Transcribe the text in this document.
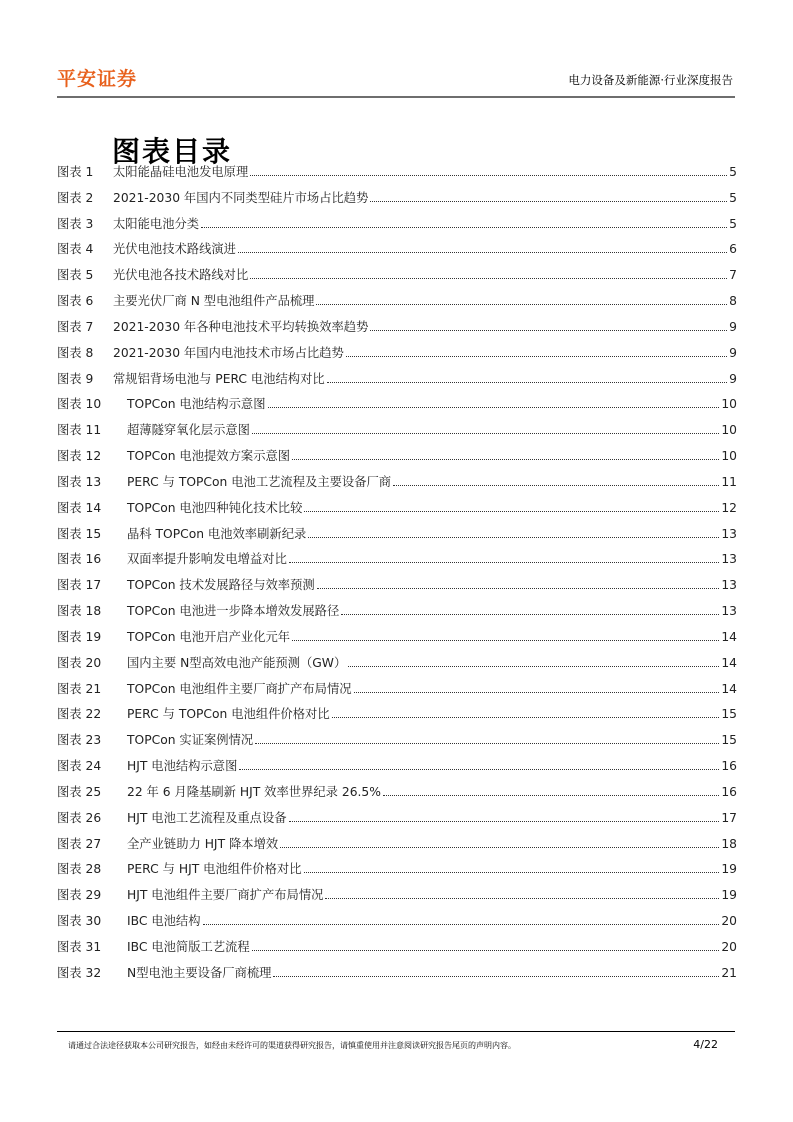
平安证券	电力设备及新能源·行业深度报告
图表目录
图表 1	太阳能晶硅电池发电原理	5
图表 2	2021-2030 年国内不同类型硅片市场占比趋势	5
图表 3	太阳能电池分类	5
图表 4	光伏电池技术路线演进	6
图表 5	光伏电池各技术路线对比	7
图表 6	主要光伏厂商 N 型电池组件产品梳理	8
图表 7	2021-2030 年各种电池技术平均转换效率趋势	9
图表 8	2021-2030 年国内电池技术市场占比趋势	9
图表 9	常规铝背场电池与 PERC 电池结构对比	9
图表 10	TOPCon 电池结构示意图	10
图表 11	超薄隧穿氧化层示意图	10
图表 12	TOPCon 电池提效方案示意图	10
图表 13	PERC 与 TOPCon 电池工艺流程及主要设备厂商	11
图表 14	TOPCon 电池四种钝化技术比较	12
图表 15	晶科 TOPCon 电池效率刷新纪录	13
图表 16	双面率提升影响发电增益对比	13
图表 17	TOPCon 技术发展路径与效率预测	13
图表 18	TOPCon 电池进一步降本增效发展路径	13
图表 19	TOPCon 电池开启产业化元年	14
图表 20	国内主要 N型高效电池产能预测（GW）	14
图表 21	TOPCon 电池组件主要厂商扩产布局情况	14
图表 22	PERC 与 TOPCon 电池组件价格对比	15
图表 23	TOPCon 实证案例情况	15
图表 24	HJT 电池结构示意图	16
图表 25	22 年 6 月隆基刷新 HJT 效率世界纪录 26.5%	16
图表 26	HJT 电池工艺流程及重点设备	17
图表 27	全产业链助力 HJT 降本增效	18
图表 28	PERC 与 HJT 电池组件价格对比	19
图表 29	HJT 电池组件主要厂商扩产布局情况	19
图表 30	IBC 电池结构	20
图表 31	IBC 电池简版工艺流程	20
图表 32	N型电池主要设备厂商梳理	21
请通过合法途径获取本公司研究报告，如经由未经许可的渠道获得研究报告，请慎重使用并注意阅读研究报告尾页的声明内容。	4/22
